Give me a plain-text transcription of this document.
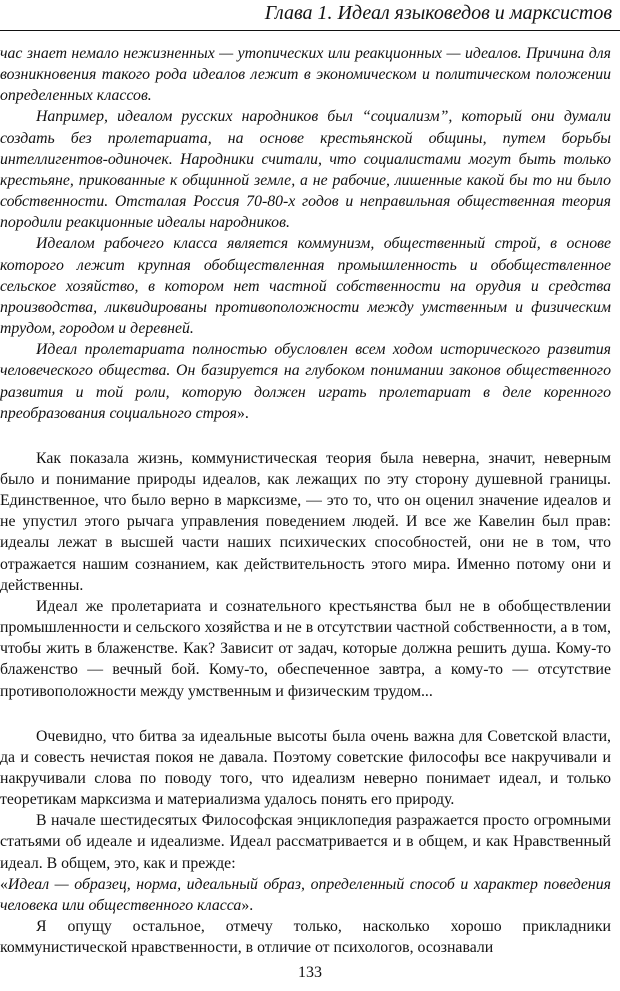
Глава 1. Идеал языковедов и марксистов
час знает немало нежизненных — утопических или реакционных — идеалов. Причина для возникновения такого рода идеалов лежит в экономическом и политическом положении определенных классов.
Например, идеалом русских народников был “социализм”, который они думали создать без пролетариата, на основе крестьянской общины, путем борьбы интеллигентов-одиночек. Народники считали, что социалистами могут быть только крестьяне, прикованные к общинной земле, а не рабочие, лишенные какой бы то ни было собственности. Отсталая Россия 70-80-х годов и неправильная общественная теория породили реакционные идеалы народников.
Идеалом рабочего класса является коммунизм, общественный строй, в основе которого лежит крупная обобществленная промышленность и обобществленное сельское хозяйство, в котором нет частной собственности на орудия и средства производства, ликвидированы противоположности между умственным и физическим трудом, городом и деревней.
Идеал пролетариата полностью обусловлен всем ходом исторического развития человеческого общества. Он базируется на глубоком понимании законов общественного развития и той роли, которую должен играть пролетариат в деле коренного преобразования социального строя».
Как показала жизнь, коммунистическая теория была неверна, значит, неверным было и понимание природы идеалов, как лежащих по эту сторону душевной границы. Единственное, что было верно в марксизме, — это то, что он оценил значение идеалов и не упустил этого рычага управления поведением людей. И все же Кавелин был прав: идеалы лежат в высшей части наших психических способностей, они не в том, что отражается нашим сознанием, как действительность этого мира. Именно потому они и действенны.
Идеал же пролетариата и сознательного крестьянства был не в обобществлении промышленности и сельского хозяйства и не в отсутствии частной собственности, а в том, чтобы жить в блаженстве. Как? Зависит от задач, которые должна решить душа. Кому-то блаженство — вечный бой. Кому-то, обеспеченное завтра, а кому-то — отсутствие противоположности между умственным и физическим трудом...
Очевидно, что битва за идеальные высоты была очень важна для Советской власти, да и совесть нечистая покоя не давала. Поэтому советские философы все накручивали и накручивали слова по поводу того, что идеализм неверно понимает идеал, и только теоретикам марксизма и материализма удалось понять его природу.
В начале шестидесятых Философская энциклопедия разражается просто огромными статьями об идеале и идеализме. Идеал рассматривается и в общем, и как Нравственный идеал. В общем, это, как и прежде:
«Идеал — образец, норма, идеальный образ, определенный способ и характер поведения человека или общественного класса».
Я опущу остальное, отмечу только, насколько хорошо прикладники коммунистической нравственности, в отличие от психологов, осознавали
133
